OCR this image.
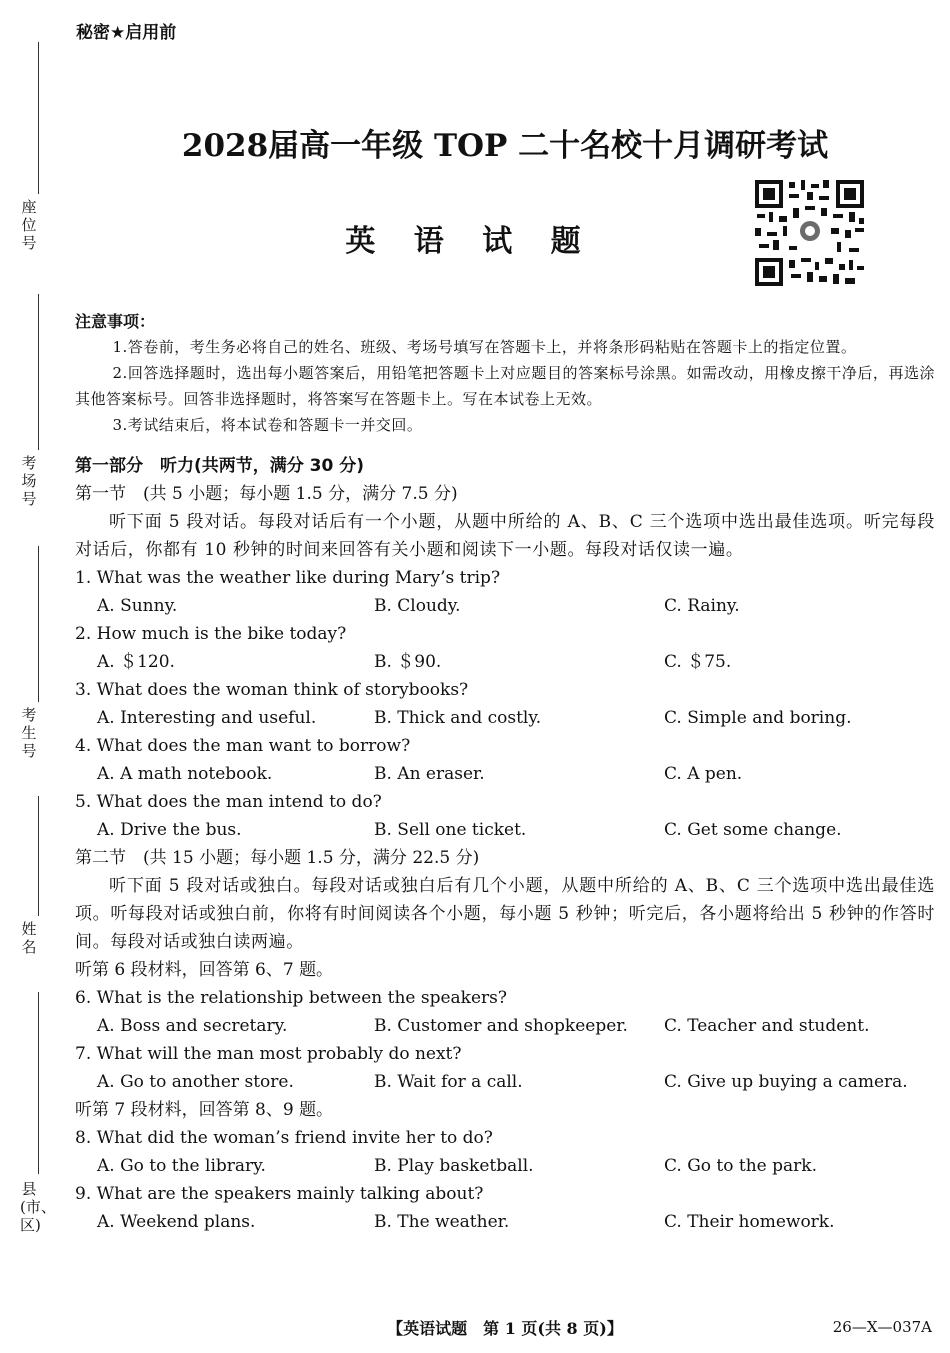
秘密★启用前
2028届高一年级 TOP 二十名校十月调研考试
英 语 试 题
座位号
考场号
考生号
姓名
县(市、区)
注意事项：
1.答卷前，考生务必将自己的姓名、班级、考场号填写在答题卡上，并将条形码粘贴在答题卡上的指定位置。
2.回答选择题时，选出每小题答案后，用铅笔把答题卡上对应题目的答案标号涂黑。如需改动，用橡皮擦干净后，再选涂其他答案标号。回答非选择题时，将答案写在答题卡上。写在本试卷上无效。
3.考试结束后，将本试卷和答题卡一并交回。
第一部分　听力(共两节，满分 30 分)
第一节　(共 5 小题；每小题 1.5 分，满分 7.5 分)
听下面 5 段对话。每段对话后有一个小题，从题中所给的 A、B、C 三个选项中选出最佳选项。听完每段对话后，你都有 10 秒钟的时间来回答有关小题和阅读下一小题。每段对话仅读一遍。
1. What was the weather like during Mary’s trip?
A. Sunny.	B. Cloudy.	C. Rainy.
2. How much is the bike today?
A. ＄120.	B. ＄90.	C. ＄75.
3. What does the woman think of storybooks?
A. Interesting and useful.	B. Thick and costly.	C. Simple and boring.
4. What does the man want to borrow?
A. A math notebook.	B. An eraser.	C. A pen.
5. What does the man intend to do?
A. Drive the bus.	B. Sell one ticket.	C. Get some change.
第二节　(共 15 小题；每小题 1.5 分，满分 22.5 分)
听下面 5 段对话或独白。每段对话或独白后有几个小题，从题中所给的 A、B、C 三个选项中选出最佳选项。听每段对话或独白前，你将有时间阅读各个小题，每小题 5 秒钟；听完后，各小题将给出 5 秒钟的作答时间。每段对话或独白读两遍。
听第 6 段材料，回答第 6、7 题。
6. What is the relationship between the speakers?
A. Boss and secretary.	B. Customer and shopkeeper.	C. Teacher and student.
7. What will the man most probably do next?
A. Go to another store.	B. Wait for a call.	C. Give up buying a camera.
听第 7 段材料，回答第 8、9 题。
8. What did the woman’s friend invite her to do?
A. Go to the library.	B. Play basketball.	C. Go to the park.
9. What are the speakers mainly talking about?
A. Weekend plans.	B. The weather.	C. Their homework.
【英语试题　第 1 页(共 8 页)】	26—X—037A
